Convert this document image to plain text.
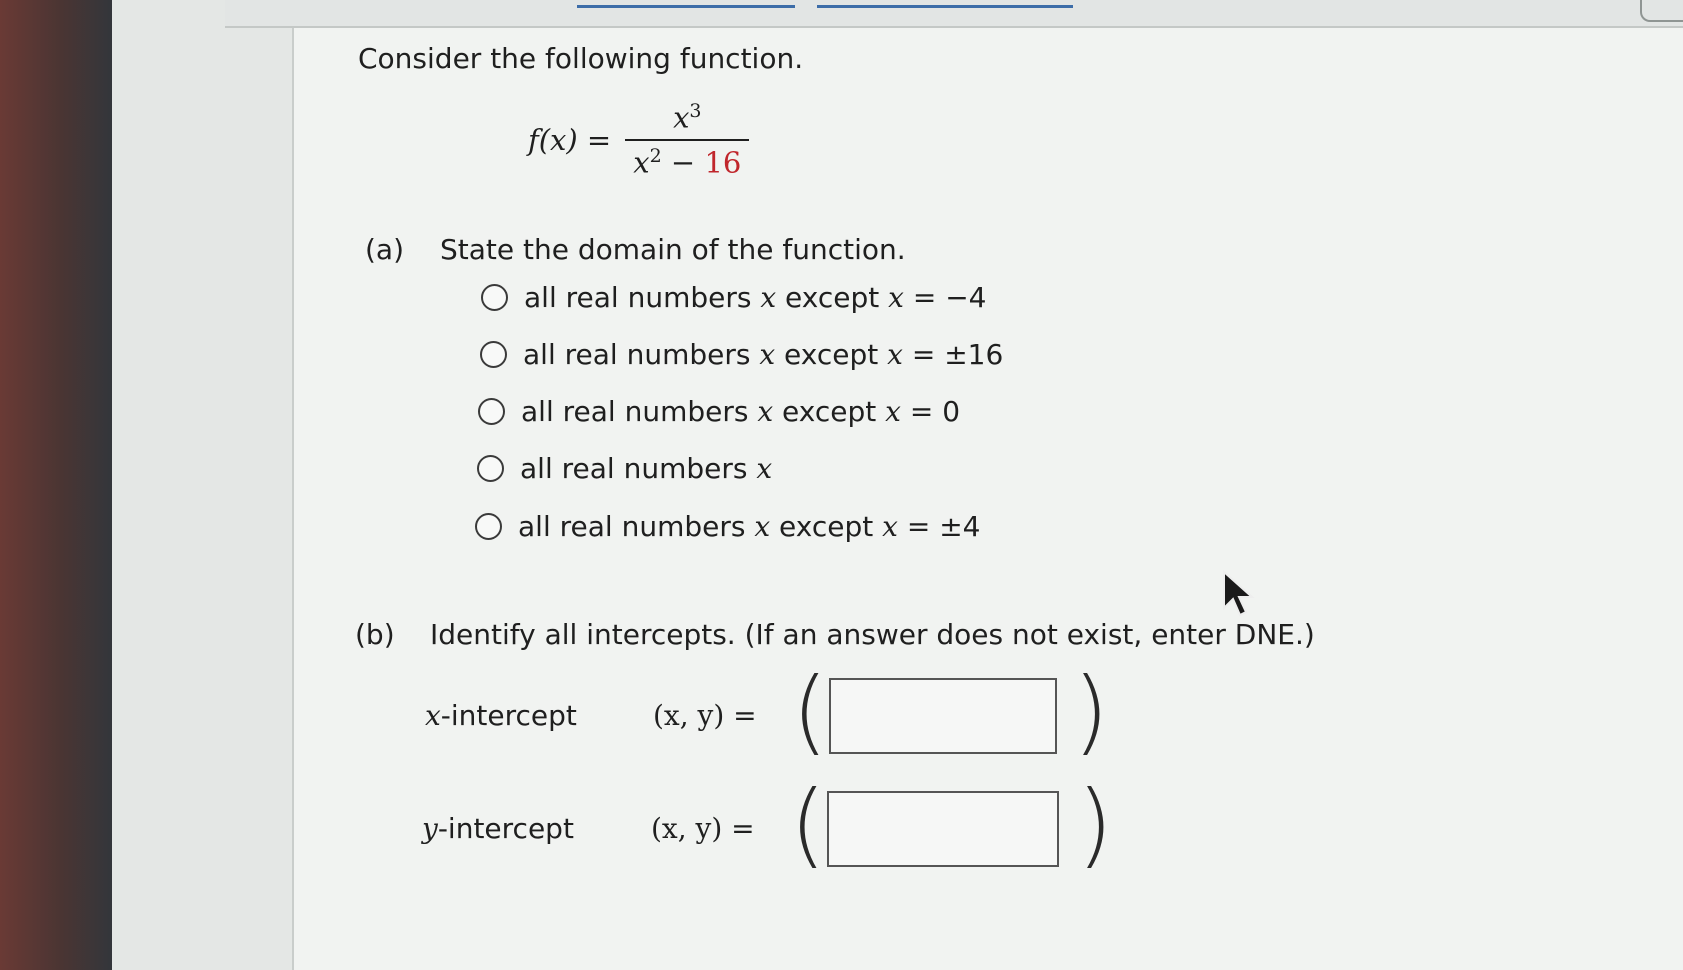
Consider the following function.
$f(x) = \frac{x^3}{x^2 - 16}$
(a) State the domain of the function.
all real numbers x except x = −4
all real numbers x except x = ±16
all real numbers x except x = 0
all real numbers x
all real numbers x except x = ±4
(b) Identify all intercepts. (If an answer does not exist, enter DNE.)
x-intercept	(x, y) = (	)
y-intercept	(x, y) = (	)
